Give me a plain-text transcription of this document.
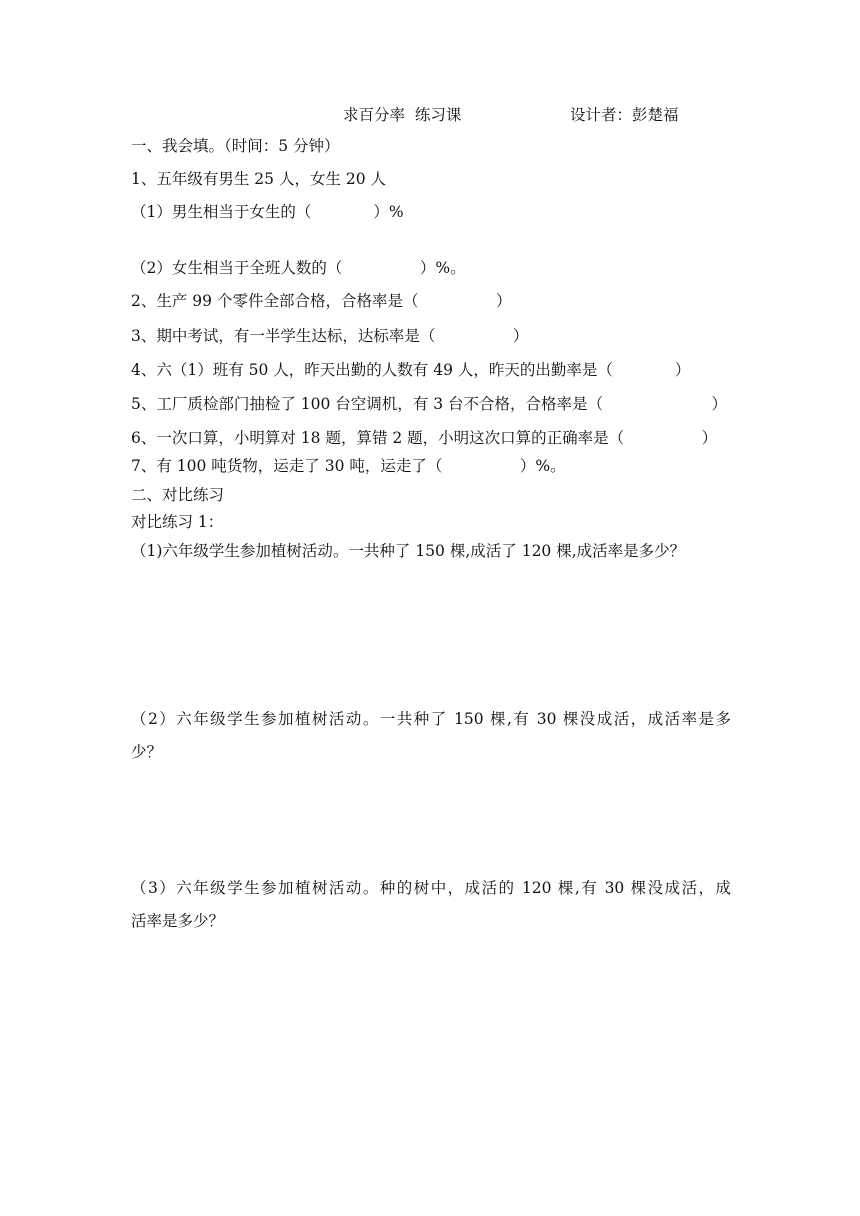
求百分率  练习课	设计者：彭楚福
一、我会填。（时间：5 分钟）
1、五年级有男生 25 人，女生 20 人
（1）男生相当于女生的（　　　　）%
（2）女生相当于全班人数的（　　　　　）%。
2、生产 99 个零件全部合格，合格率是（　　　　　）
3、期中考试，有一半学生达标，达标率是（　　　　　）
4、六（1）班有 50 人，昨天出勤的人数有 49 人，昨天的出勤率是（　　　　）
5、工厂质检部门抽检了 100 台空调机，有 3 台不合格，合格率是（　　　　　　　）
6、一次口算，小明算对 18 题，算错 2 题，小明这次口算的正确率是（　　　　　）
7、有 100 吨货物，运走了 30 吨，运走了（　　　　　）%。
二、对比练习
对比练习 1：
（1)六年级学生参加植树活动。一共种了 150 棵,成活了 120 棵,成活率是多少？
（2）六年级学生参加植树活动。一共种了 150 棵,有 30 棵没成活，成活率是多
少？
（3）六年级学生参加植树活动。种的树中，成活的 120 棵,有 30 棵没成活，成
活率是多少？
